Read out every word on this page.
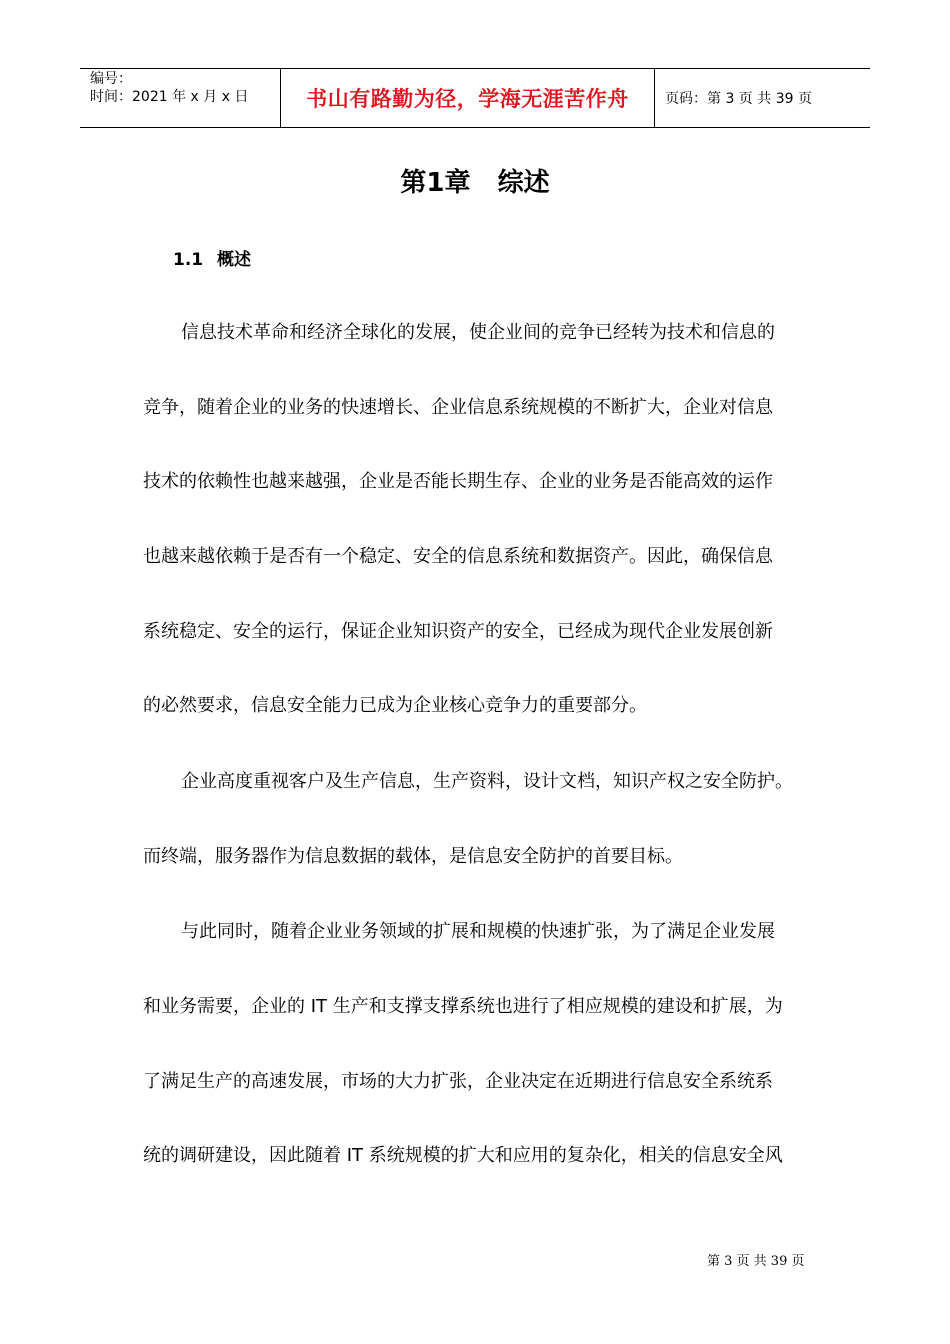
编号：
时间：2021 年 x 月 x 日	书山有路勤为径，学海无涯苦作舟	页码：第 3 页 共 39 页
第1章 综述
1.1 概述
信息技术革命和经济全球化的发展，使企业间的竞争已经转为技术和信息的
竞争，随着企业的业务的快速增长、企业信息系统规模的不断扩大，企业对信息
技术的依赖性也越来越强，企业是否能长期生存、企业的业务是否能高效的运作
也越来越依赖于是否有一个稳定、安全的信息系统和数据资产。因此，确保信息
系统稳定、安全的运行，保证企业知识资产的安全，已经成为现代企业发展创新
的必然要求，信息安全能力已成为企业核心竞争力的重要部分。
企业高度重视客户及生产信息，生产资料，设计文档，知识产权之安全防护。
而终端，服务器作为信息数据的载体，是信息安全防护的首要目标。
与此同时，随着企业业务领域的扩展和规模的快速扩张，为了满足企业发展
和业务需要，企业的 IT 生产和支撑支撑系统也进行了相应规模的建设和扩展，为
了满足生产的高速发展，市场的大力扩张，企业决定在近期进行信息安全系统系
统的调研建设，因此随着 IT 系统规模的扩大和应用的复杂化，相关的信息安全风
第 3 页 共 39 页
